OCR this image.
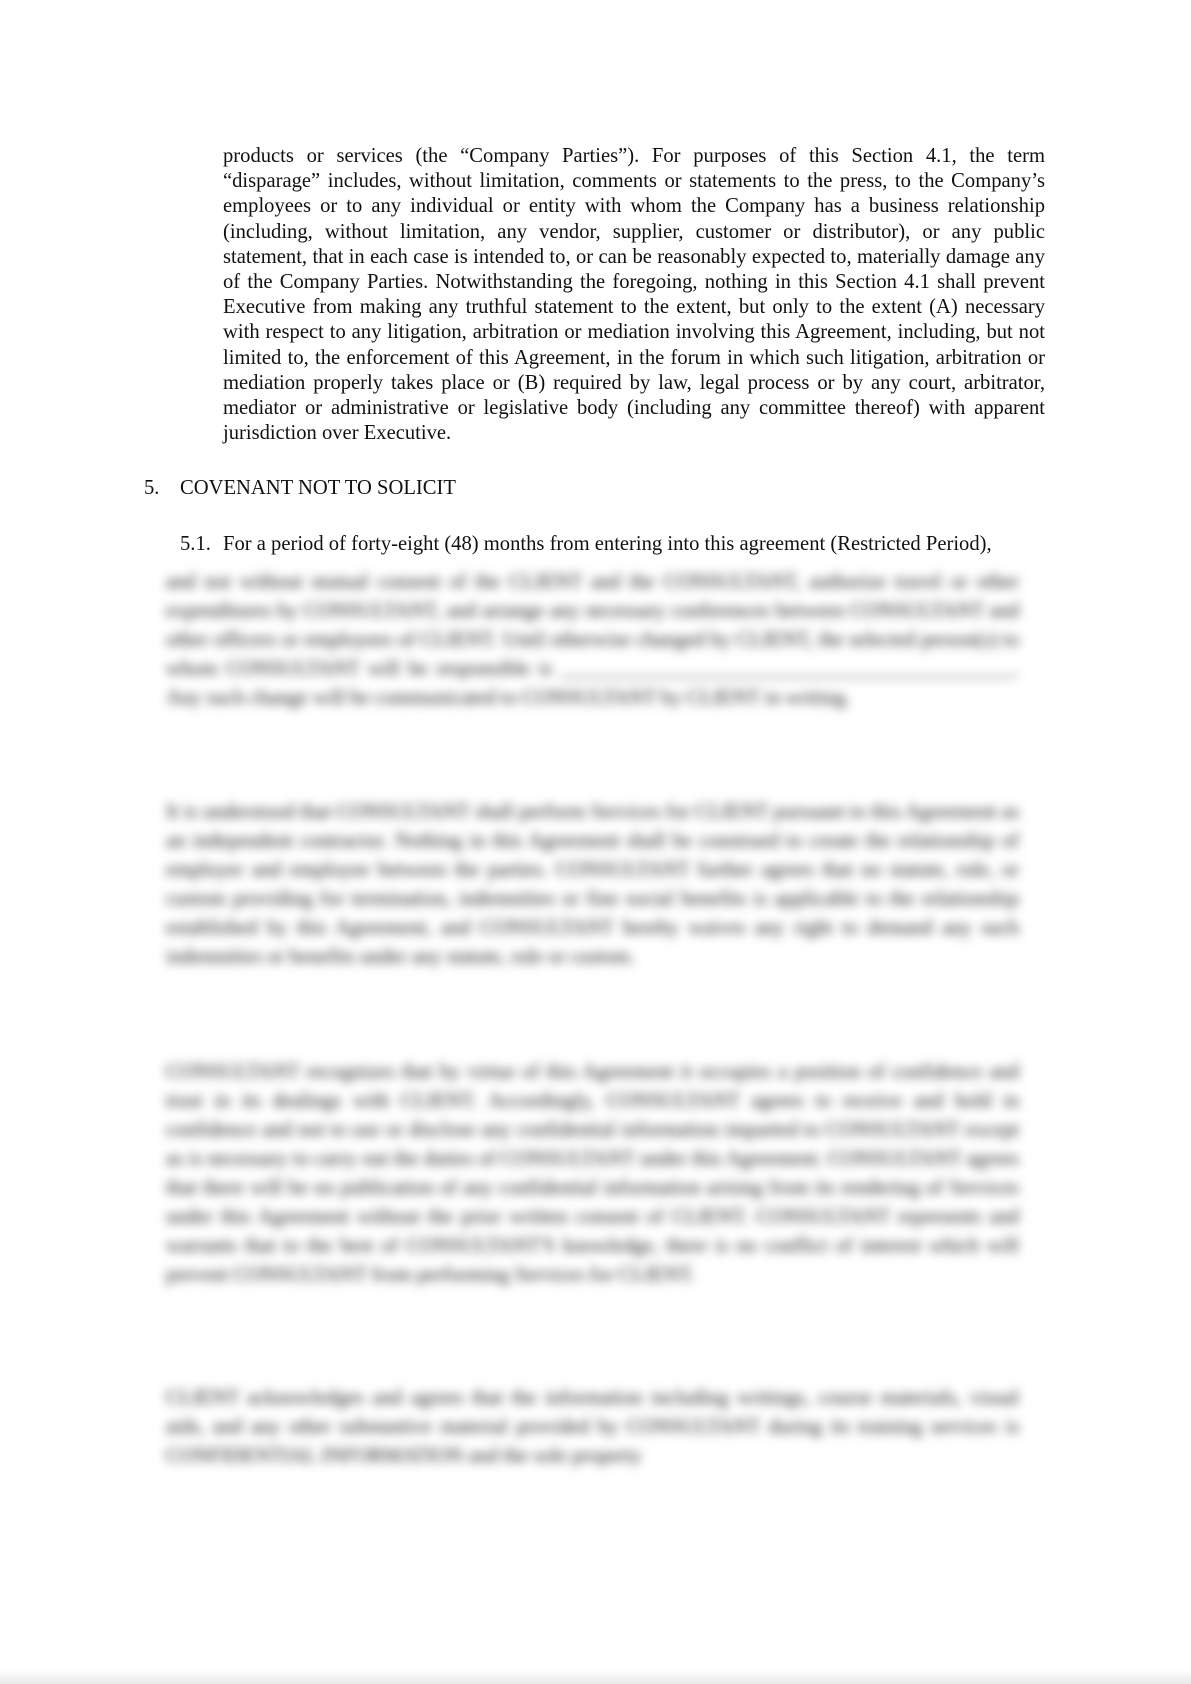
products or services (the “Company Parties”). For purposes of this Section 4.1, the term “disparage” includes, without limitation, comments or statements to the press, to the Company’s employees or to any individual or entity with whom the Company has a business relationship (including, without limitation, any vendor, supplier, customer or distributor), or any public statement, that in each case is intended to, or can be reasonably expected to, materially damage any of the Company Parties. Notwithstanding the foregoing, nothing in this Section 4.1 shall prevent Executive from making any truthful statement to the extent, but only to the extent (A) necessary with respect to any litigation, arbitration or mediation involving this Agreement, including, but not limited to, the enforcement of this Agreement, in the forum in which such litigation, arbitration or mediation properly takes place or (B) required by law, legal process or by any court, arbitrator, mediator or administrative or legislative body (including any committee thereof) with apparent jurisdiction over Executive.
5. COVENANT NOT TO SOLICIT
5.1. For a period of forty-eight (48) months from entering into this agreement (Restricted Period),
and not without mutual consent of the CLIENT and the CONSULTANT, authorize travel or other expenditures by CONSULTANT, and arrange any necessary conferences between CONSULTANT and other officers or employees of CLIENT. Until otherwise changed by CLIENT, the selected person(s) to whom CONSULTANT will be responsible is ____________________________________________. Any such change will be communicated to CONSULTANT by CLIENT in writing.
It is understood that CONSULTANT shall perform Services for CLIENT pursuant to this Agreement as an independent contractor. Nothing in this Agreement shall be construed to create the relationship of employer and employee between the parties. CONSULTANT further agrees that no statute, rule, or custom providing for termination, indemnities or fine social benefits is applicable to the relationship established by this Agreement, and CONSULTANT hereby waives any right to demand any such indemnities or benefits under any statute, rule or custom.
CONSULTANT recognizes that by virtue of this Agreement it occupies a position of confidence and trust in its dealings with CLIENT. Accordingly, CONSULTANT agrees to receive and hold in confidence and not to use or disclose any confidential information imparted to CONSULTANT except as is necessary to carry out the duties of CONSULTANT under this Agreement. CONSULTANT agrees that there will be no publication of any confidential information arising from its rendering of Services under this Agreement without the prior written consent of CLIENT. CONSULTANT represents and warrants that to the best of CONSULTANT'S knowledge, there is no conflict of interest which will prevent CONSULTANT from performing Services for CLIENT.
CLIENT acknowledges and agrees that the information including writings, course materials, visual aids, and any other substantive material provided by CONSULTANT during its training services is CONFIDENTIAL INFORMATION and the sole property
